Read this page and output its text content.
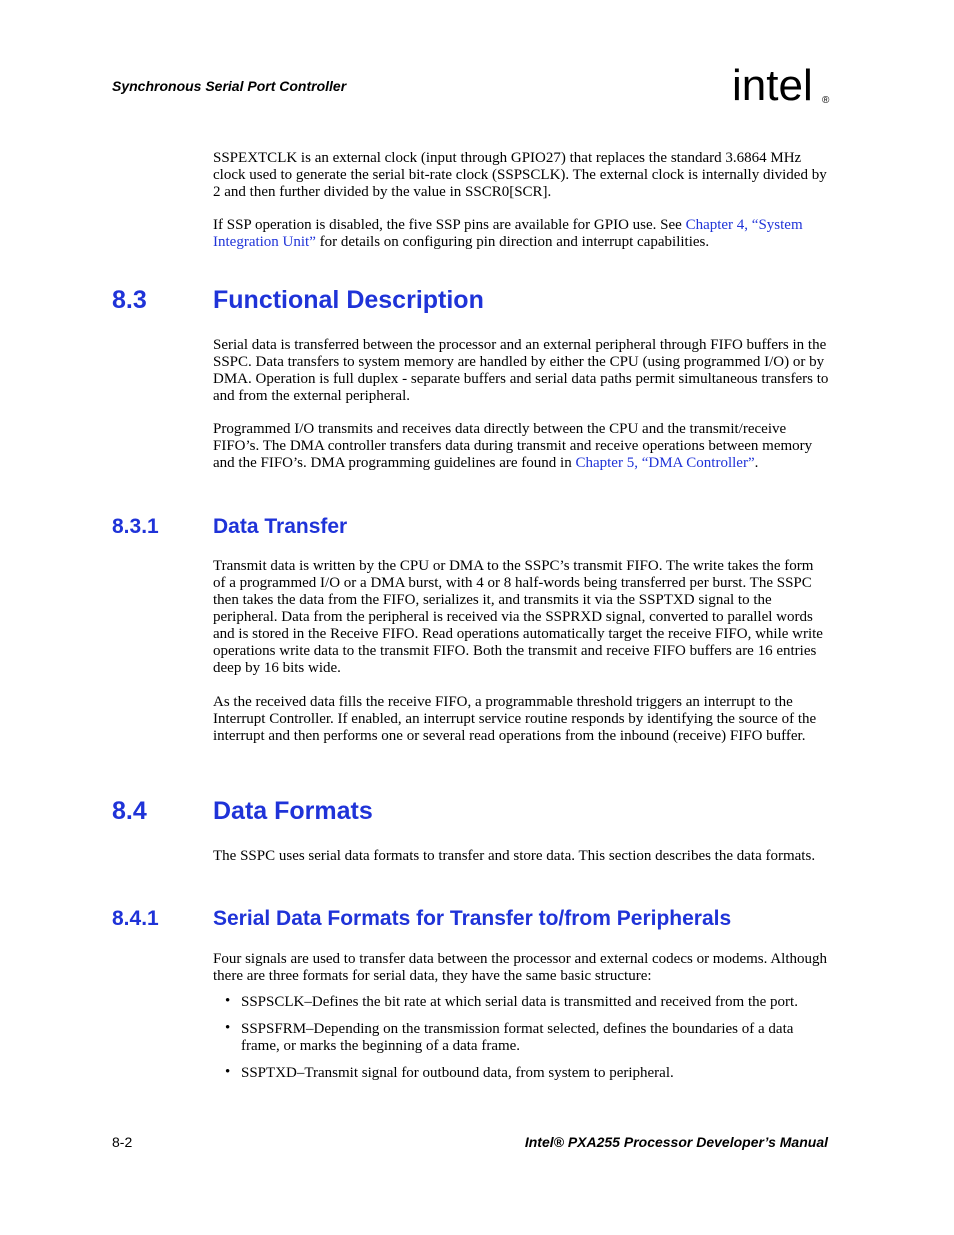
Synchronous Serial Port Controller	intel ®

SSPEXTCLK is an external clock (input through GPIO27) that replaces the standard 3.6864 MHz clock used to generate the serial bit-rate clock (SSPSCLK). The external clock is internally divided by 2 and then further divided by the value in SSCR0[SCR].

If SSP operation is disabled, the five SSP pins are available for GPIO use. See Chapter 4, “System Integration Unit” for details on configuring pin direction and interrupt capabilities.

8.3	Functional Description

Serial data is transferred between the processor and an external peripheral through FIFO buffers in the SSPC. Data transfers to system memory are handled by either the CPU (using programmed I/O) or by DMA. Operation is full duplex - separate buffers and serial data paths permit simultaneous transfers to and from the external peripheral.

Programmed I/O transmits and receives data directly between the CPU and the transmit/receive FIFO’s. The DMA controller transfers data during transmit and receive operations between memory and the FIFO’s. DMA programming guidelines are found in Chapter 5, “DMA Controller”.

8.3.1	Data Transfer

Transmit data is written by the CPU or DMA to the SSPC’s transmit FIFO. The write takes the form of a programmed I/O or a DMA burst, with 4 or 8 half-words being transferred per burst. The SSPC then takes the data from the FIFO, serializes it, and transmits it via the SSPTXD signal to the peripheral. Data from the peripheral is received via the SSPRXD signal, converted to parallel words and is stored in the Receive FIFO. Read operations automatically target the receive FIFO, while write operations write data to the transmit FIFO. Both the transmit and receive FIFO buffers are 16 entries deep by 16 bits wide.

As the received data fills the receive FIFO, a programmable threshold triggers an interrupt to the Interrupt Controller. If enabled, an interrupt service routine responds by identifying the source of the interrupt and then performs one or several read operations from the inbound (receive) FIFO buffer.

8.4	Data Formats

The SSPC uses serial data formats to transfer and store data. This section describes the data formats.

8.4.1	Serial Data Formats for Transfer to/from Peripherals

Four signals are used to transfer data between the processor and external codecs or modems. Although there are three formats for serial data, they have the same basic structure:

• SSPSCLK–Defines the bit rate at which serial data is transmitted and received from the port.
• SSPSFRM–Depending on the transmission format selected, defines the boundaries of a data frame, or marks the beginning of a data frame.
• SSPTXD–Transmit signal for outbound data, from system to peripheral.
8-2	Intel® PXA255 Processor Developer’s Manual
